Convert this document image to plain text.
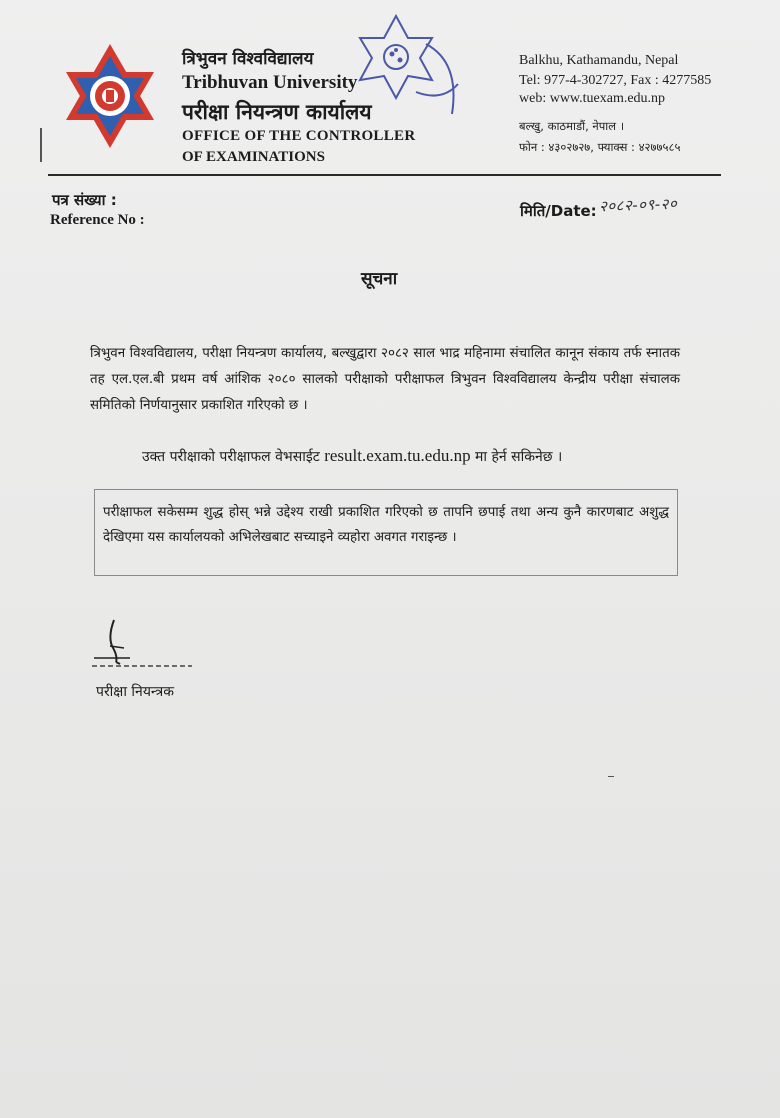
त्रिभुवन विश्वविद्यालय
Tribhuvan University
परीक्षा नियन्त्रण कार्यालय
OFFICE OF THE CONTROLLER
OF EXAMINATIONS
Balkhu, Kathamandu, Nepal
Tel: 977-4-302727, Fax : 4277585
web: www.tuexam.edu.np
बल्खु, काठमाडौं, नेपाल ।
फोन : ४३०२७२७, फ्याक्स : ४२७७५८५
पत्र संख्या :
Reference No :	मिति/Date: २०८२-०९-२०
सूचना
त्रिभुवन विश्वविद्यालय, परीक्षा नियन्त्रण कार्यालय, बल्खुद्वारा २०८२ साल भाद्र महिनामा संचालित कानून संकाय तर्फ स्नातक तह एल.एल.बी प्रथम वर्ष आंशिक २०८० सालको परीक्षाको परीक्षाफल त्रिभुवन विश्वविद्यालय केन्द्रीय परीक्षा संचालक समितिको निर्णयानुसार प्रकाशित गरिएको छ ।
उक्त परीक्षाको परीक्षाफल वेभसाईट result.exam.tu.edu.np मा हेर्न सकिनेछ ।
परीक्षाफल सकेसम्म शुद्ध होस् भन्ने उद्देश्य राखी प्रकाशित गरिएको छ तापनि छपाई तथा अन्य कुनै कारणबाट अशुद्ध देखिएमा यस कार्यालयको अभिलेखबाट सच्याइने व्यहोरा अवगत गराइन्छ ।
परीक्षा नियन्त्रक
